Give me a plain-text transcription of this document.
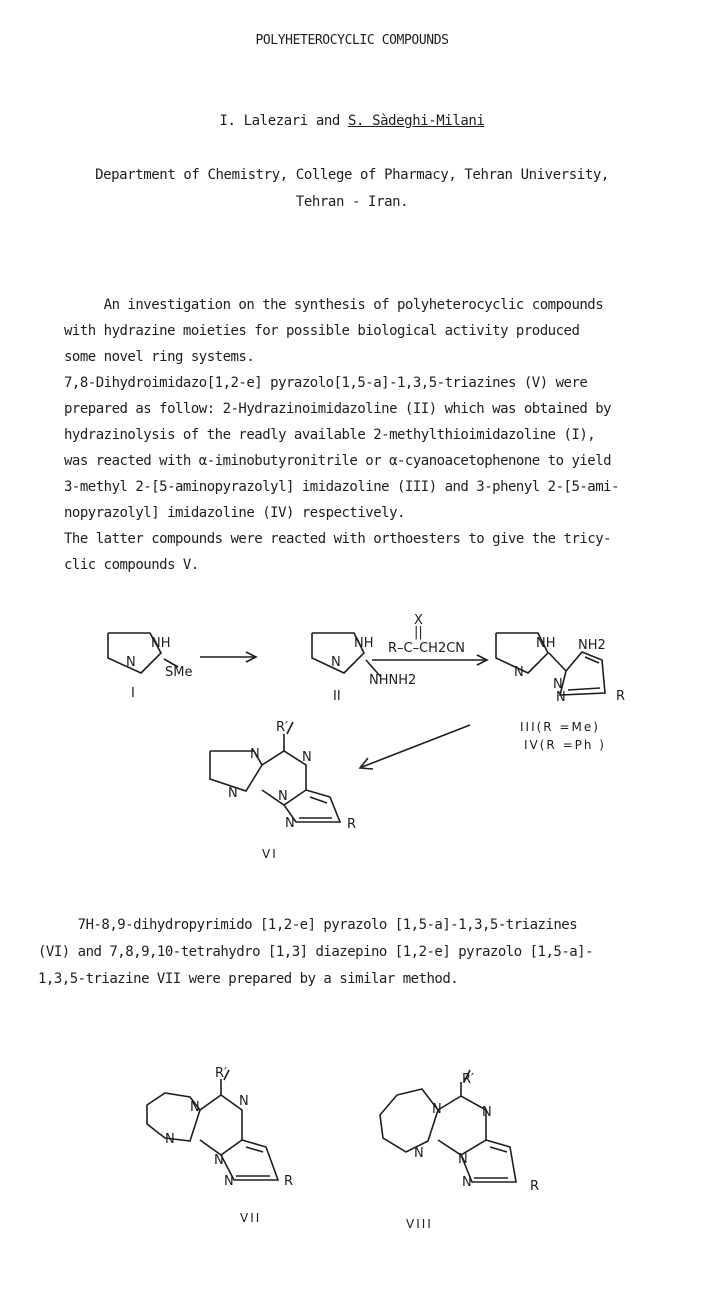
POLYHETEROCYCLIC COMPOUNDS
I. Lalezari and S. Sàdeghi-Milani
Department of Chemistry, College of Pharmacy, Tehran University,
Tehran - Iran.
An investigation on the synthesis of polyheterocyclic compounds
with hydrazine moieties for possible biological activity produced
some novel ring systems.
7,8-Dihydroimidazo[1,2-e] pyrazolo[1,5-a]-1,3,5-triazines (V) were
prepared as follow: 2-Hydrazinoimidazoline (II) which was obtained by
hydrazinolysis of the readly available 2-methylthioimidazoline (I),
was reacted with α-iminobutyronitrile or α-cyanoacetophenone to yield
3-methyl 2-[5-aminopyrazolyl] imidazoline (III) and 3-phenyl 2-[5-ami-
nopyrazolyl] imidazoline (IV) respectively.
The latter compounds were reacted with orthoesters to give the tricy-
clic compounds V.
NH
N
SMe
I
NH
N
NHNH2
II
X
||
R–C–CH2CN	NH NH2
N
N
N	R
III(R =Me)
IV(R =Ph )
R′
N	N
N	N
N	R
VI
R′
N	N
N
N
N	R
VII
R′
N	N
N	N
N	R
VIII
7H-8,9-dihydropyrimido [1,2-e] pyrazolo [1,5-a]-1,3,5-triazines
(VI) and 7,8,9,10-tetrahydro [1,3] diazepino [1,2-e] pyrazolo [1,5-a]-
1,3,5-triazine VII were prepared by a similar method.
